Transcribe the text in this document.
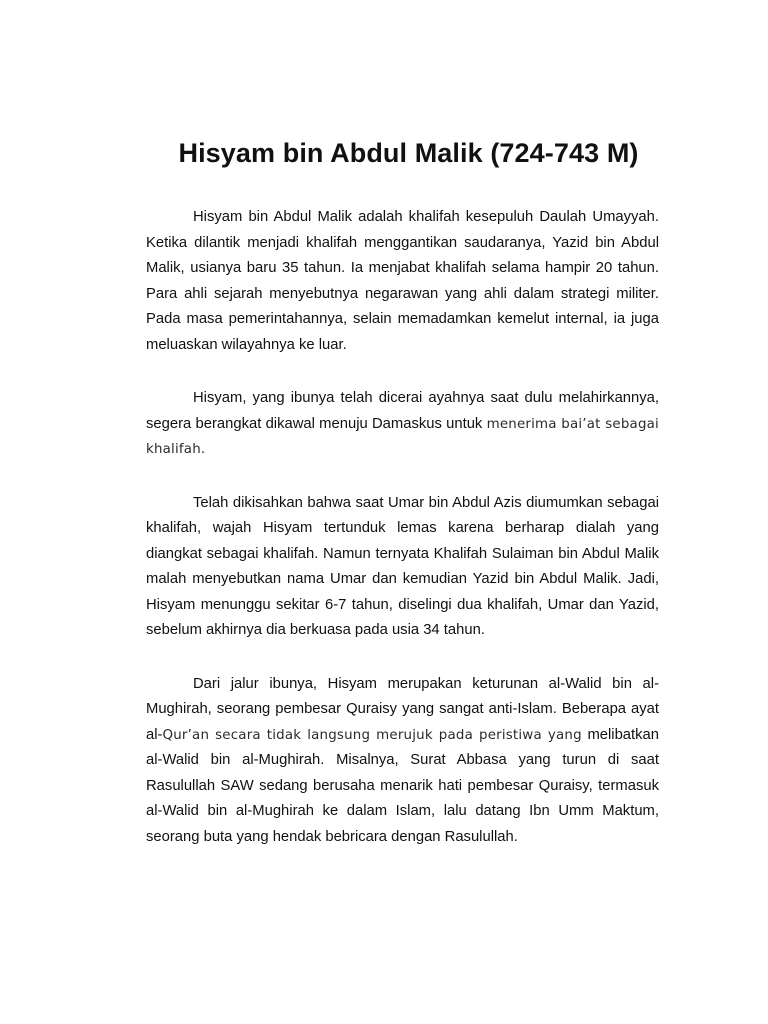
Hisyam bin Abdul Malik (724-743 M)

Hisyam bin Abdul Malik adalah khalifah kesepuluh Daulah Umayyah. Ketika dilantik menjadi khalifah menggantikan saudaranya, Yazid bin Abdul Malik, usianya baru 35 tahun. Ia menjabat khalifah selama hampir 20 tahun. Para ahli sejarah menyebutnya negarawan yang ahli dalam strategi militer. Pada masa pemerintahannya, selain memadamkan kemelut internal, ia juga meluaskan wilayahnya ke luar.

Hisyam, yang ibunya telah dicerai ayahnya saat dulu melahirkannya, segera berangkat dikawal menuju Damaskus untuk menerima bai’at sebagai khalifah.

Telah dikisahkan bahwa saat Umar bin Abdul Azis diumumkan sebagai khalifah, wajah Hisyam tertunduk lemas karena berharap dialah yang diangkat sebagai khalifah. Namun ternyata Khalifah Sulaiman bin Abdul Malik malah menyebutkan nama Umar dan kemudian Yazid bin Abdul Malik. Jadi, Hisyam menunggu sekitar 6-7 tahun, diselingi dua khalifah, Umar dan Yazid, sebelum akhirnya dia berkuasa pada usia 34 tahun.

Dari jalur ibunya, Hisyam merupakan keturunan al-Walid bin al-Mughirah, seorang pembesar Quraisy yang sangat anti-Islam. Beberapa ayat al-Qur’an secara tidak langsung merujuk pada peristiwa yang melibatkan al-Walid bin al-Mughirah. Misalnya, Surat Abbasa yang turun di saat Rasulullah SAW sedang berusaha menarik hati pembesar Quraisy, termasuk al-Walid bin al-Mughirah ke dalam Islam, lalu datang Ibn Umm Maktum, seorang buta yang hendak bebricara dengan Rasulullah.
